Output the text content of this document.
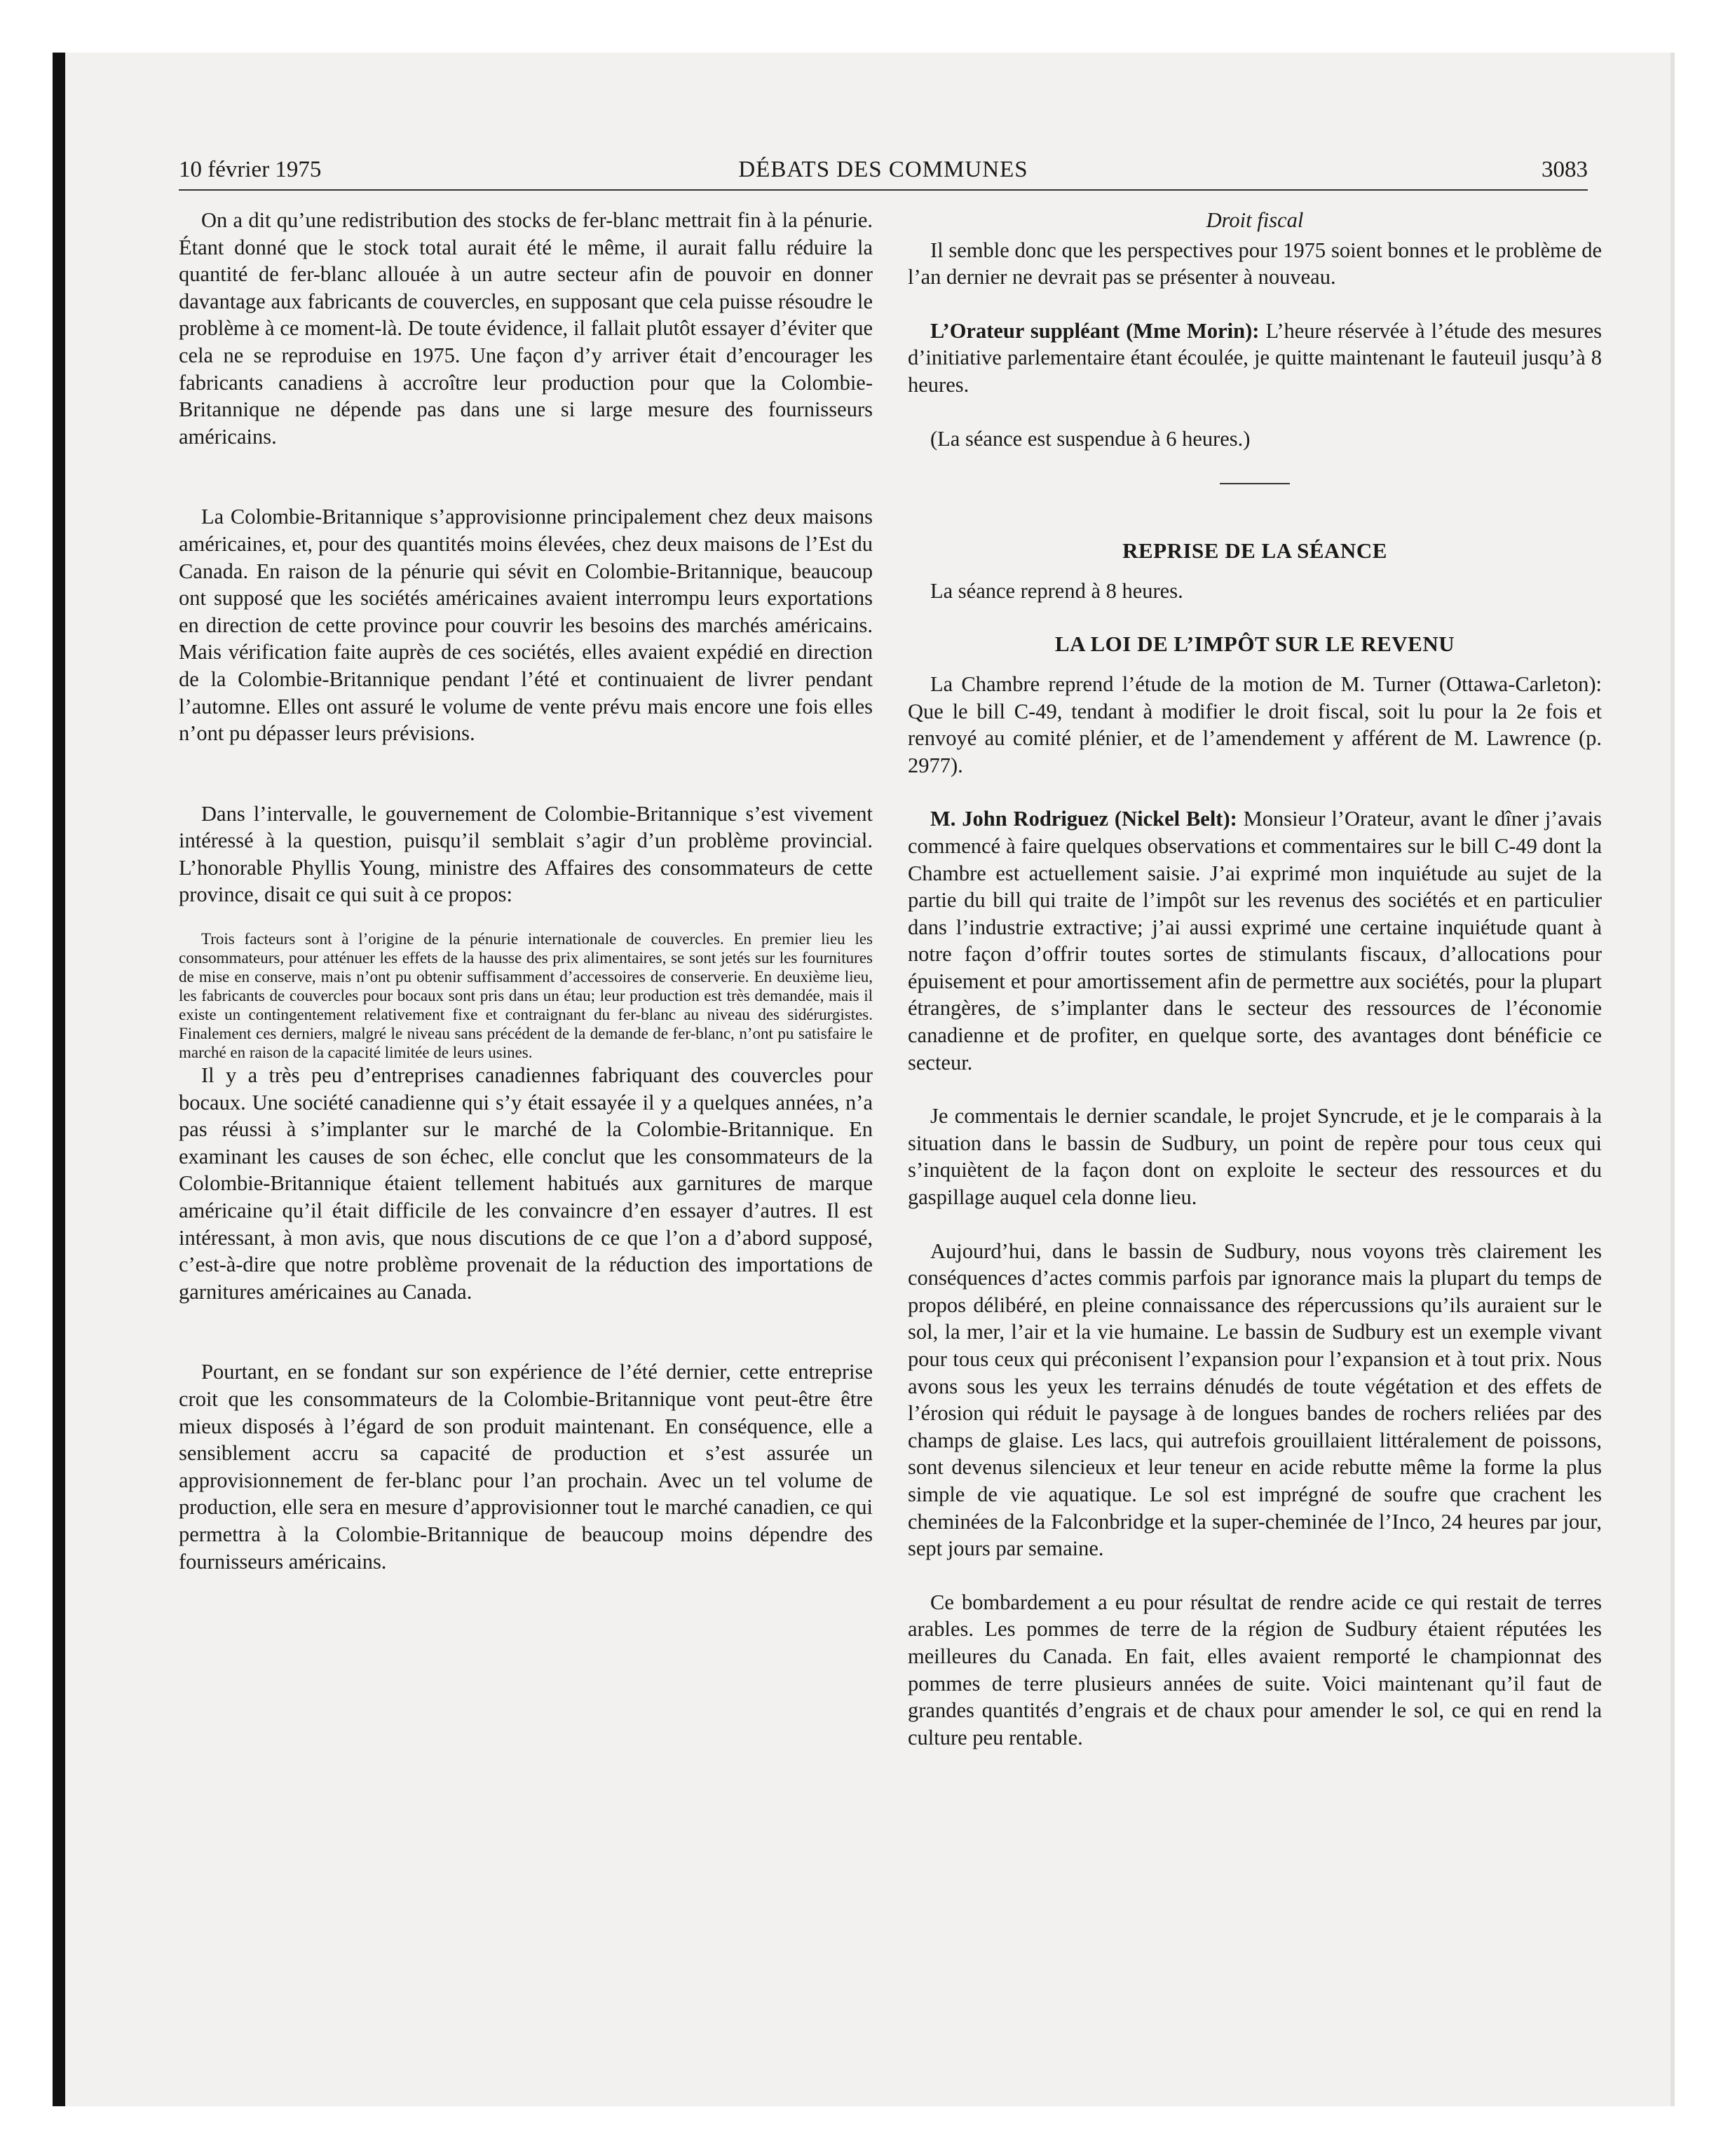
10 février 1975	DÉBATS DES COMMUNES	3083

On a dit qu’une redistribution des stocks de fer-blanc mettrait fin à la pénurie. Étant donné que le stock total aurait été le même, il aurait fallu réduire la quantité de fer-blanc allouée à un autre secteur afin de pouvoir en donner davantage aux fabricants de couvercles, en supposant que cela puisse résoudre le problème à ce moment-là. De toute évidence, il fallait plutôt essayer d’éviter que cela ne se reproduise en 1975. Une façon d’y arriver était d’encourager les fabricants canadiens à accroître leur production pour que la Colombie-Britannique ne dépende pas dans une si large mesure des fournisseurs américains.

La Colombie-Britannique s’approvisionne principalement chez deux maisons américaines, et, pour des quantités moins élevées, chez deux maisons de l’Est du Canada. En raison de la pénurie qui sévit en Colombie-Britannique, beaucoup ont supposé que les sociétés américaines avaient interrompu leurs exportations en direction de cette province pour couvrir les besoins des marchés américains. Mais vérification faite auprès de ces sociétés, elles avaient expédié en direction de la Colombie-Britannique pendant l’été et continuaient de livrer pendant l’automne. Elles ont assuré le volume de vente prévu mais encore une fois elles n’ont pu dépasser leurs prévisions.

Dans l’intervalle, le gouvernement de Colombie-Britannique s’est vivement intéressé à la question, puisqu’il semblait s’agir d’un problème provincial. L’honorable Phyllis Young, ministre des Affaires des consommateurs de cette province, disait ce qui suit à ce propos:

Trois facteurs sont à l’origine de la pénurie internationale de couvercles. En premier lieu les consommateurs, pour atténuer les effets de la hausse des prix alimentaires, se sont jetés sur les fournitures de mise en conserve, mais n’ont pu obtenir suffisamment d’accessoires de conserverie. En deuxième lieu, les fabricants de couvercles pour bocaux sont pris dans un étau; leur production est très demandée, mais il existe un contingentement relativement fixe et contraignant du fer-blanc au niveau des sidérurgistes. Finalement ces derniers, malgré le niveau sans précédent de la demande de fer-blanc, n’ont pu satisfaire le marché en raison de la capacité limitée de leurs usines.

Il y a très peu d’entreprises canadiennes fabriquant des couvercles pour bocaux. Une société canadienne qui s’y était essayée il y a quelques années, n’a pas réussi à s’implanter sur le marché de la Colombie-Britannique. En examinant les causes de son échec, elle conclut que les consommateurs de la Colombie-Britannique étaient tellement habitués aux garnitures de marque américaine qu’il était difficile de les convaincre d’en essayer d’autres. Il est intéressant, à mon avis, que nous discutions de ce que l’on a d’abord supposé, c’est-à-dire que notre problème provenait de la réduction des importations de garnitures américaines au Canada.

Pourtant, en se fondant sur son expérience de l’été dernier, cette entreprise croit que les consommateurs de la Colombie-Britannique vont peut-être être mieux disposés à l’égard de son produit maintenant. En conséquence, elle a sensiblement accru sa capacité de production et s’est assurée un approvisionnement de fer-blanc pour l’an prochain. Avec un tel volume de production, elle sera en mesure d’approvisionner tout le marché canadien, ce qui permettra à la Colombie-Britannique de beaucoup moins dépendre des fournisseurs américains.

Droit fiscal

Il semble donc que les perspectives pour 1975 soient bonnes et le problème de l’an dernier ne devrait pas se présenter à nouveau.

L’Orateur suppléant (Mme Morin): L’heure réservée à l’étude des mesures d’initiative parlementaire étant écoulée, je quitte maintenant le fauteuil jusqu’à 8 heures.

(La séance est suspendue à 6 heures.)

REPRISE DE LA SÉANCE

La séance reprend à 8 heures.

LA LOI DE L’IMPÔT SUR LE REVENU

La Chambre reprend l’étude de la motion de M. Turner (Ottawa-Carleton): Que le bill C-49, tendant à modifier le droit fiscal, soit lu pour la 2e fois et renvoyé au comité plénier, et de l’amendement y afférent de M. Lawrence (p. 2977).

M. John Rodriguez (Nickel Belt): Monsieur l’Orateur, avant le dîner j’avais commencé à faire quelques observations et commentaires sur le bill C-49 dont la Chambre est actuellement saisie. J’ai exprimé mon inquiétude au sujet de la partie du bill qui traite de l’impôt sur les revenus des sociétés et en particulier dans l’industrie extractive; j’ai aussi exprimé une certaine inquiétude quant à notre façon d’offrir toutes sortes de stimulants fiscaux, d’allocations pour épuisement et pour amortissement afin de permettre aux sociétés, pour la plupart étrangères, de s’implanter dans le secteur des ressources de l’économie canadienne et de profiter, en quelque sorte, des avantages dont bénéficie ce secteur.

Je commentais le dernier scandale, le projet Syncrude, et je le comparais à la situation dans le bassin de Sudbury, un point de repère pour tous ceux qui s’inquiètent de la façon dont on exploite le secteur des ressources et du gaspillage auquel cela donne lieu.

Aujourd’hui, dans le bassin de Sudbury, nous voyons très clairement les conséquences d’actes commis parfois par ignorance mais la plupart du temps de propos délibéré, en pleine connaissance des répercussions qu’ils auraient sur le sol, la mer, l’air et la vie humaine. Le bassin de Sudbury est un exemple vivant pour tous ceux qui préconisent l’expansion pour l’expansion et à tout prix. Nous avons sous les yeux les terrains dénudés de toute végétation et des effets de l’érosion qui réduit le paysage à de longues bandes de rochers reliées par des champs de glaise. Les lacs, qui autrefois grouillaient littéralement de poissons, sont devenus silencieux et leur teneur en acide rebutte même la forme la plus simple de vie aquatique. Le sol est imprégné de soufre que crachent les cheminées de la Falconbridge et la super-cheminée de l’Inco, 24 heures par jour, sept jours par semaine.

Ce bombardement a eu pour résultat de rendre acide ce qui restait de terres arables. Les pommes de terre de la région de Sudbury étaient réputées les meilleures du Canada. En fait, elles avaient remporté le championnat des pommes de terre plusieurs années de suite. Voici maintenant qu’il faut de grandes quantités d’engrais et de chaux pour amender le sol, ce qui en rend la culture peu rentable.
